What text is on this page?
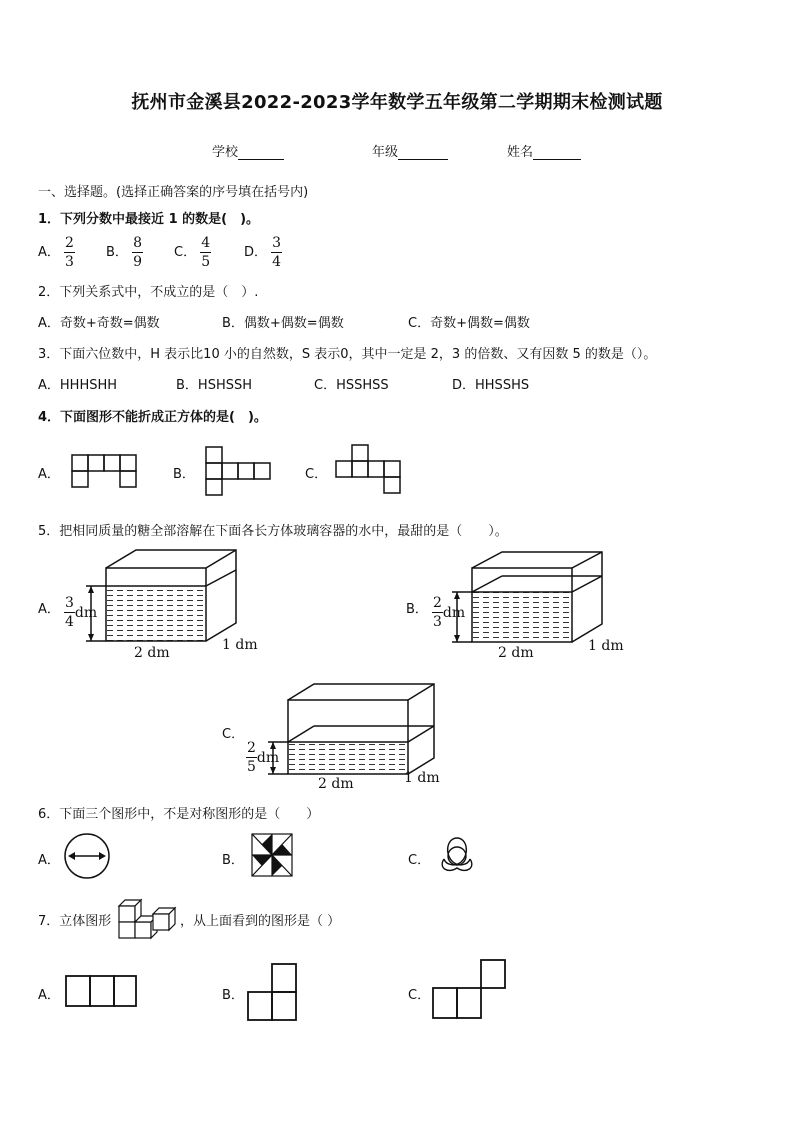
抚州市金溪县2022-2023学年数学五年级第二学期期末检测试题
学校	年级	姓名
一、选择题。(选择正确答案的序号填在括号内)
1．下列分数中最接近 1 的数是(　)。
A． $\frac{2}{3}$ B． $\frac{8}{9}$ C． $\frac{4}{5}$	D． $\frac{3}{4}$
2．下列关系式中，不成立的是（　）.
A．奇数+奇数=偶数	B．偶数+偶数=偶数	C．奇数+偶数=偶数
3．下面六位数中，H 表示比10 小的自然数，S 表示0，其中一定是 2，3 的倍数、又有因数 5 的数是（）。
A．HHHSHH	B．HSHSSH	C．HSSHSS	D．HHSSHS
4．下面图形不能折成正方体的是(　)。
A．	B．	C．
5．把相同质量的糖全部溶解在下面各长方体玻璃容器的水中，最甜的是（　　）。
A． $\frac{3}{4}$ dm
2 dm	1 dm
B． $\frac{2}{3}$ dm
2 dm	1 dm
C．
$\frac{2}{5}$ dm
2 dm	1 dm
6．下面三个图形中，不是对称图形的是（　　）
A．	B．	C．
7．立体图形	，从上面看到的图形是（ ）
A．	B．	C．
